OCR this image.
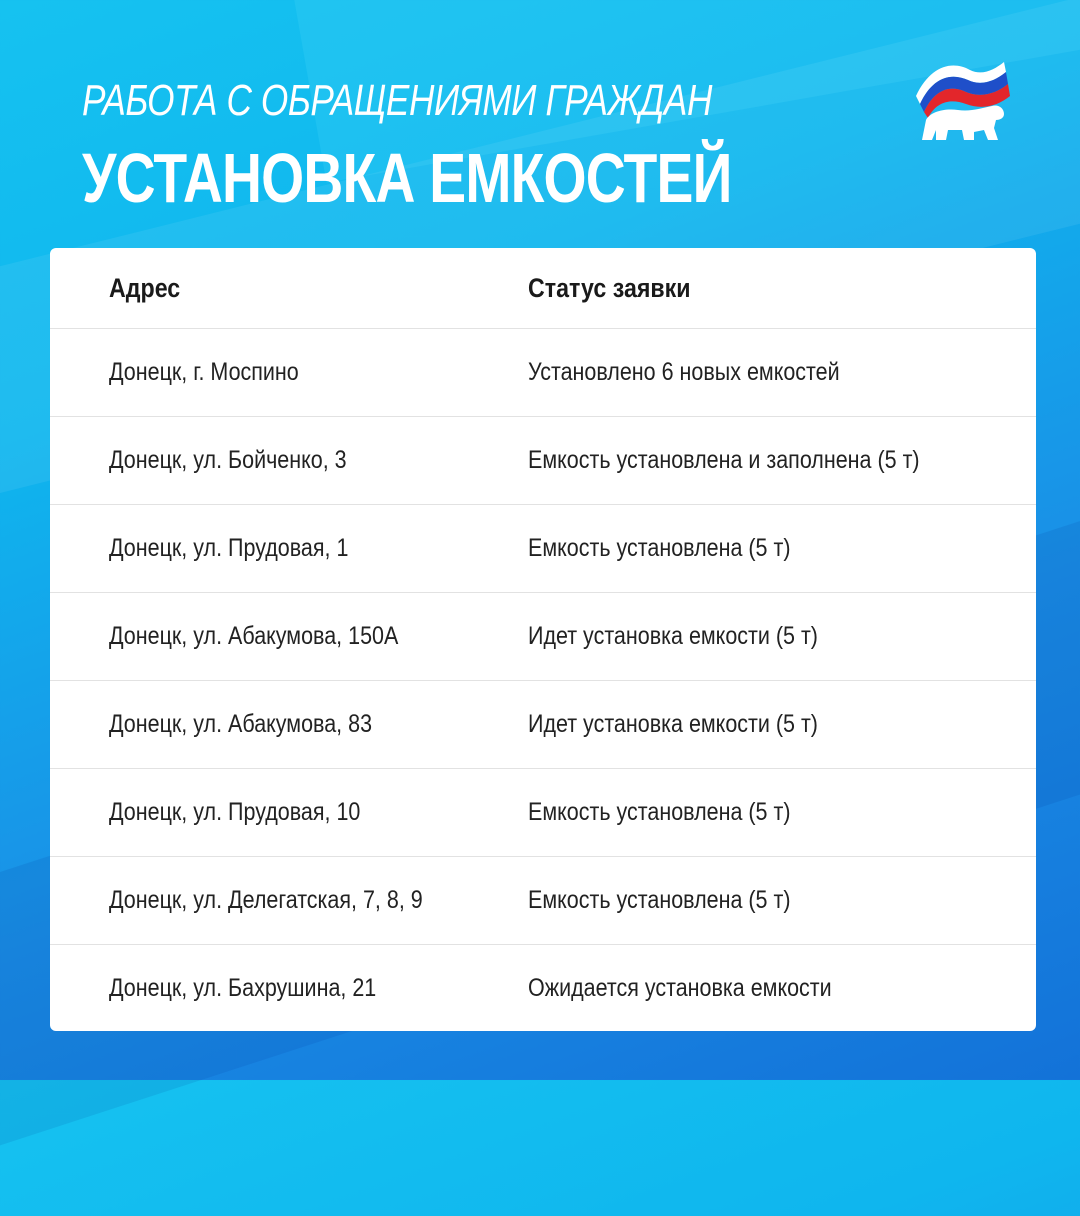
РАБОТА С ОБРАЩЕНИЯМИ ГРАЖДАН
УСТАНОВКА ЕМКОСТЕЙ
Адрес	Статус заявки
Донецк, г. Моспино	Установлено 6 новых емкостей
Донецк, ул. Бойченко, 3	Емкость установлена и заполнена (5 т)
Донецк, ул. Прудовая, 1	Емкость установлена (5 т)
Донецк, ул. Абакумова, 150А	Идет установка емкости (5 т)
Донецк, ул. Абакумова, 83	Идет установка емкости (5 т)
Донецк, ул. Прудовая, 10	Емкость установлена (5 т)
Донецк, ул. Делегатская, 7, 8, 9	Емкость установлена (5 т)
Донецк, ул. Бахрушина, 21	Ожидается установка емкости
